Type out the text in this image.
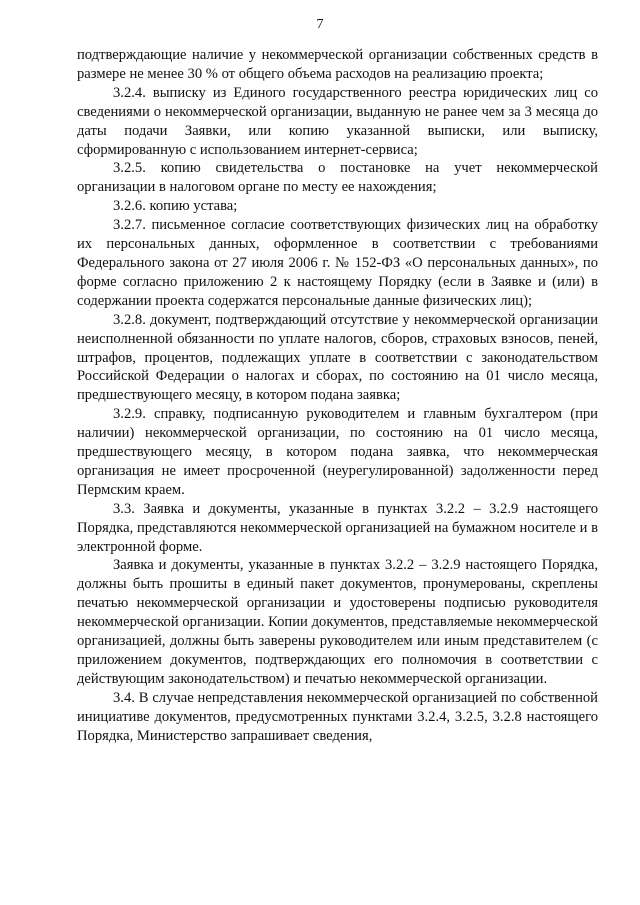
7

подтверждающие наличие у некоммерческой организации собственных средств в размере не менее 30 % от общего объема расходов на реализацию проекта;

3.2.4. выписку из Единого государственного реестра юридических лиц со сведениями о некоммерческой организации, выданную не ранее чем за 3 месяца до даты подачи Заявки, или копию указанной выписки, или выписку, сформированную с использованием интернет-сервиса;

3.2.5. копию свидетельства о постановке на учет некоммерческой организации в налоговом органе по месту ее нахождения;

3.2.6. копию устава;

3.2.7. письменное согласие соответствующих физических лиц на обработку их персональных данных, оформленное в соответствии с требованиями Федерального закона от 27 июля 2006 г. № 152-ФЗ «О персональных данных», по форме согласно приложению 2 к настоящему Порядку (если в Заявке и (или) в содержании проекта содержатся персональные данные физических лиц);

3.2.8. документ, подтверждающий отсутствие у некоммерческой организации неисполненной обязанности по уплате налогов, сборов, страховых взносов, пеней, штрафов, процентов, подлежащих уплате в соответствии с законодательством Российской Федерации о налогах и сборах, по состоянию на 01 число месяца, предшествующего месяцу, в котором подана заявка;

3.2.9. справку, подписанную руководителем и главным бухгалтером (при наличии) некоммерческой организации, по состоянию на 01 число месяца, предшествующего месяцу, в котором подана заявка, что некоммерческая организация не имеет просроченной (неурегулированной) задолженности перед Пермским краем.

3.3. Заявка и документы, указанные в пунктах 3.2.2 – 3.2.9 настоящего Порядка, представляются некоммерческой организацией на бумажном носителе и в электронной форме.

Заявка и документы, указанные в пунктах 3.2.2 – 3.2.9 настоящего Порядка, должны быть прошиты в единый пакет документов, пронумерованы, скреплены печатью некоммерческой организации и удостоверены подписью руководителя некоммерческой организации. Копии документов, представляемые некоммерческой организацией, должны быть заверены руководителем или иным представителем (с приложением документов, подтверждающих его полномочия в соответствии с действующим законодательством) и печатью некоммерческой организации.

3.4. В случае непредставления некоммерческой организацией по собственной инициативе документов, предусмотренных пунктами 3.2.4, 3.2.5, 3.2.8 настоящего Порядка, Министерство запрашивает сведения,
